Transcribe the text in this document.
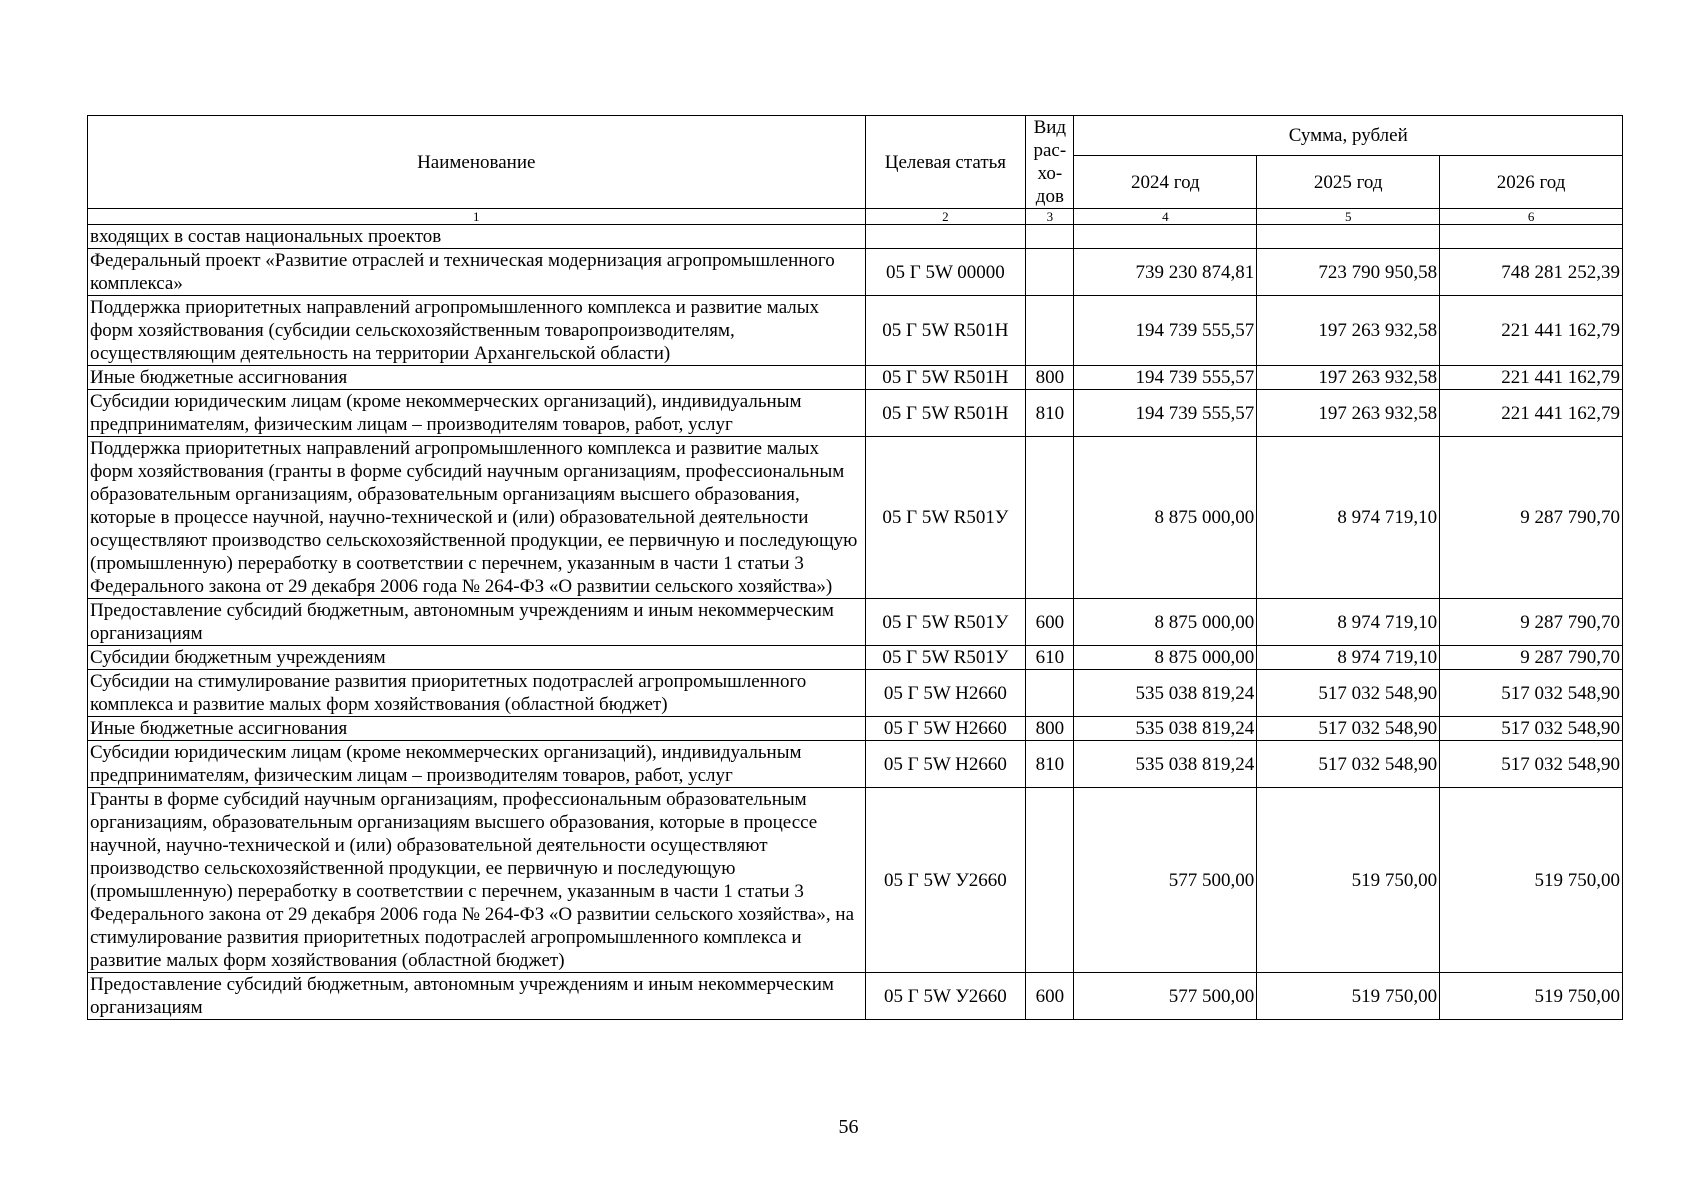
Наименование	Целевая статья	Вид рас-хо-дов	Сумма, рублей		
			2024 год	2025 год	2026 год
1	2	3	4	5	6
входящих в состав национальных проектов					
Федеральный проект «Развитие отраслей и техническая модернизация агропромышленного комплекса»	05 Г 5W 00000		739 230 874,81	723 790 950,58	748 281 252,39
Поддержка приоритетных направлений агропромышленного комплекса и развитие малых форм хозяйствования (субсидии сельскохозяйственным товаропроизводителям, осуществляющим деятельность на территории Архангельской области)	05 Г 5W R501Н		194 739 555,57	197 263 932,58	221 441 162,79
Иные бюджетные ассигнования	05 Г 5W R501Н	800	194 739 555,57	197 263 932,58	221 441 162,79
Субсидии юридическим лицам (кроме некоммерческих организаций), индивидуальным предпринимателям, физическим лицам – производителям товаров, работ, услуг	05 Г 5W R501Н	810	194 739 555,57	197 263 932,58	221 441 162,79
Поддержка приоритетных направлений агропромышленного комплекса и развитие малых форм хозяйствования (гранты в форме субсидий научным организациям, профессиональным образовательным организациям, образовательным организациям высшего образования, которые в процессе научной, научно-технической и (или) образовательной деятельности осуществляют производство сельскохозяйственной продукции, ее первичную и последующую (промышленную) переработку в соответствии с перечнем, указанным в части 1 статьи 3 Федерального закона от 29 декабря 2006 года № 264-ФЗ «О развитии сельского хозяйства»)	05 Г 5W R501У		8 875 000,00	8 974 719,10	9 287 790,70
Предоставление субсидий бюджетным, автономным учреждениям и иным некоммерческим организациям	05 Г 5W R501У	600	8 875 000,00	8 974 719,10	9 287 790,70
Субсидии бюджетным учреждениям	05 Г 5W R501У	610	8 875 000,00	8 974 719,10	9 287 790,70
Субсидии на стимулирование развития приоритетных подотраслей агропромышленного комплекса и развитие малых форм хозяйствования (областной бюджет)	05 Г 5W Н2660		535 038 819,24	517 032 548,90	517 032 548,90
Иные бюджетные ассигнования	05 Г 5W Н2660	800	535 038 819,24	517 032 548,90	517 032 548,90
Субсидии юридическим лицам (кроме некоммерческих организаций), индивидуальным предпринимателям, физическим лицам – производителям товаров, работ, услуг	05 Г 5W Н2660	810	535 038 819,24	517 032 548,90	517 032 548,90
Гранты в форме субсидий научным организациям, профессиональным образовательным организациям, образовательным организациям высшего образования, которые в процессе научной, научно-технической и (или) образовательной деятельности осуществляют производство сельскохозяйственной продукции, ее первичную и последующую (промышленную) переработку в соответствии с перечнем, указанным в части 1 статьи 3 Федерального закона от 29 декабря 2006 года № 264-ФЗ «О развитии сельского хозяйства», на стимулирование развития приоритетных подотраслей агропромышленного комплекса и развитие малых форм хозяйствования (областной бюджет)	05 Г 5W У2660		577 500,00	519 750,00	519 750,00
Предоставление субсидий бюджетным, автономным учреждениям и иным некоммерческим организациям	05 Г 5W У2660	600	577 500,00	519 750,00	519 750,00
56
